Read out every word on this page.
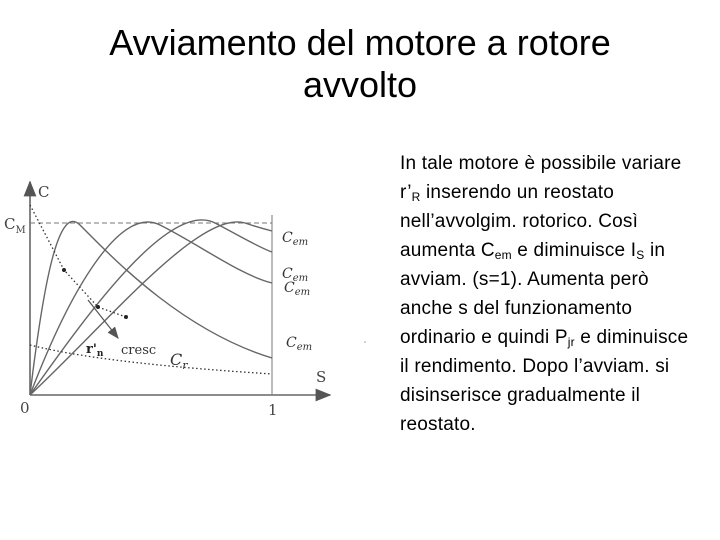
Avviamento del motore a rotore
avvolto
C
$C_M$
S
0	1
$C_{em}$
$C_{em}$
$C_{em}$
$C_{em}$
$C_r$
$r'_n$ cresc

In tale motore è possibile variare $r’_R$ inserendo un reostato nell’avvolgim. rotorico. Così aumenta $C_{em}$ e diminuisce $I_S$ in avviam. (s=1). Aumenta però anche s del funzionamento ordinario e quindi $P_{jr}$ e diminuisce il rendimento. Dopo l’avviam. si disinserisce gradualmente il reostato.
